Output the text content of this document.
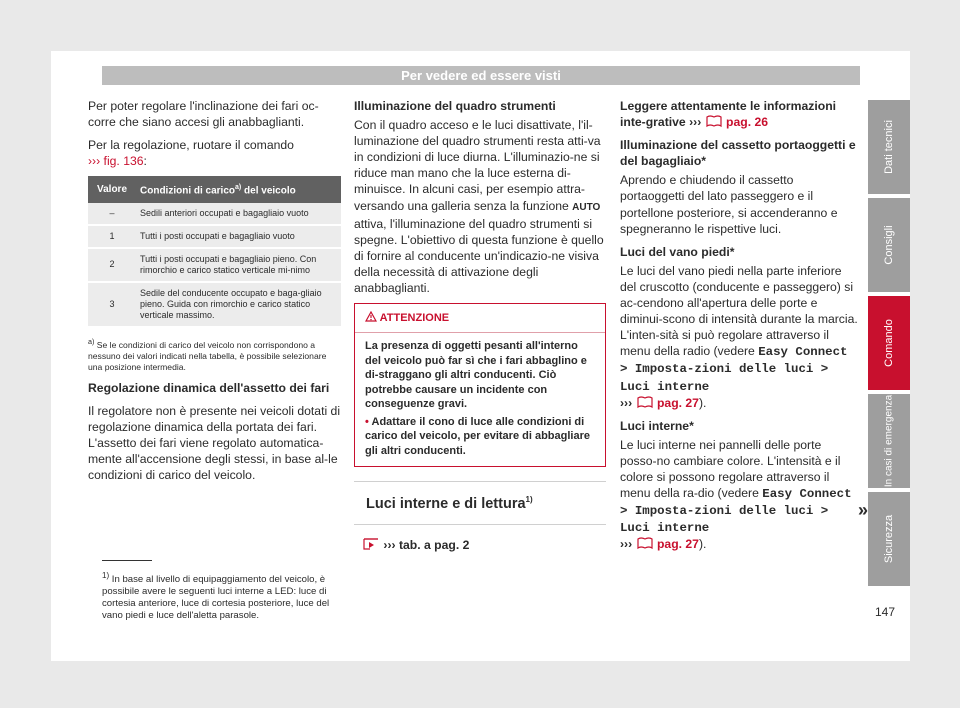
Per vedere ed essere visti

Per poter regolare l'inclinazione dei fari oc-corre che siano accesi gli anabbaglianti.

Per la regolazione, ruotare il comando
››› fig. 136:

Valore	Condizioni di carico$^{a)}$ del veicolo
–	Sedili anteriori occupati e bagagliaio vuoto
1	Tutti i posti occupati e bagagliaio vuoto
2	Tutti i posti occupati e bagagliaio pieno. Con rimorchio e carico statico verticale mi-nimo
3	Sedile del conducente occupato e baga-gliaio pieno. Guida con rimorchio e carico statico verticale massimo.

$^{a)}$ Se le condizioni di carico del veicolo non corrispondono a nessuno dei valori indicati nella tabella, è possibile selezionare una posizione intermedia.

Regolazione dinamica dell'assetto dei fari

Il regolatore non è presente nei veicoli dotati di regolazione dinamica della portata dei fari. L'assetto dei fari viene regolato automatica-mente all'accensione degli stessi, in base al-le condizioni di carico del veicolo.

Illuminazione del quadro strumenti

Con il quadro acceso e le luci disattivate, l'il-luminazione del quadro strumenti resta atti-va in condizioni di luce diurna. L'illuminazio-ne si riduce man mano che la luce esterna di-minuisce. In alcuni casi, per esempio attra-versando una galleria senza la funzione AUTO attiva, l'illuminazione del quadro strumenti si spegne. L'obiettivo di questa funzione è quello di fornire al conducente un'indicazio-ne visiva della necessità di attivazione degli anabbaglianti.

ATTENZIONE

La presenza di oggetti pesanti all'interno del veicolo può far sì che i fari abbaglino e di-straggano gli altri conducenti. Ciò potrebbe causare un incidente con conseguenze gravi.

• Adattare il cono di luce alle condizioni di carico del veicolo, per evitare di abbagliare gli altri conducenti.

Luci interne e di lettura$^{1)}$

››› tab. a pag. 2

Leggere attentamente le informazioni inte-grative ››› pag. 26

Illuminazione del cassetto portaoggetti e del bagagliaio*

Aprendo e chiudendo il cassetto portaoggetti del lato passeggero e il portellone posteriore, si accenderanno e spegneranno le rispettive luci.

Luci del vano piedi*

Le luci del vano piedi nella parte inferiore del cruscotto (conducente e passeggero) si ac-cendono all'apertura delle porte e diminui-scono di intensità durante la marcia. L'inten-sità si può regolare attraverso il menu della radio (vedere Easy Connect > Imposta-zioni delle luci > Luci interne
››› pag. 27).

Luci interne*

Le luci interne nei pannelli delle porte posso-no cambiare colore. L'intensità e il colore si possono regolare attraverso il menu della ra-dio (vedere Easy Connect > Imposta-zioni delle luci > Luci interne
››› pag. 27).

»
$^{1)}$ In base al livello di equipaggiamento del veicolo, è possibile avere le seguenti luci interne a LED: luce di cortesia anteriore, luce di cortesia posteriore, luce del vano piedi e luce dell'aletta parasole.
Dati tecnici
Consigli
Comando
In casi di emergenza
Sicurezza
147
